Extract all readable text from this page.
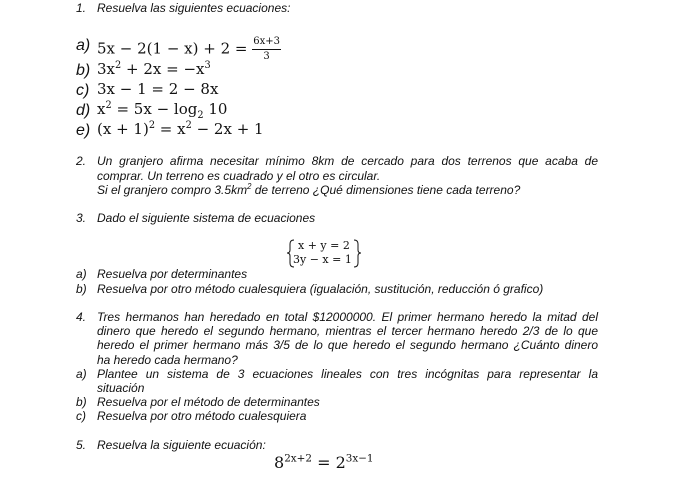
1. Resuelva las siguientes ecuaciones:
a) $5x - 2(1 - x) + 2 = \frac{6x+3}{3}$
b) $3x^2 + 2x = -x^3$
c) 3x − 1 = 2 − 8x
d) $x^2 = 5x - \log_2 10$
e) $(x + 1)^2 = x^2 - 2x + 1$
2. Un granjero afirma necesitar mínimo 8km de cercado para dos terrenos que acaba de
comprar. Un terreno es cuadrado y el otro es circular.
Si el granjero compro $3.5km^2$ de terreno ¿Qué dimensiones tiene cada terreno?
3. Dado el siguiente sistema de ecuaciones
x + y = 2
3y − x = 1
a) Resuelva por determinantes
b) Resuelva por otro método cualesquiera (igualación, sustitución, reducción ó grafico)
4. Tres hermanos han heredado en total $12000000. El primer hermano heredo la mitad del
dinero que heredo el segundo hermano, mientras el tercer hermano heredo 2/3 de lo que
heredo el primer hermano más 3/5 de lo que heredo el segundo hermano ¿Cuánto dinero
ha heredo cada hermano?
a) Plantee un sistema de 3 ecuaciones lineales con tres incógnitas para representar la
situación
b) Resuelva por el método de determinantes
c) Resuelva por otro método cualesquiera
5. Resuelva la siguiente ecuación:
$8^{2x+2} = 2^{3x-1}$
